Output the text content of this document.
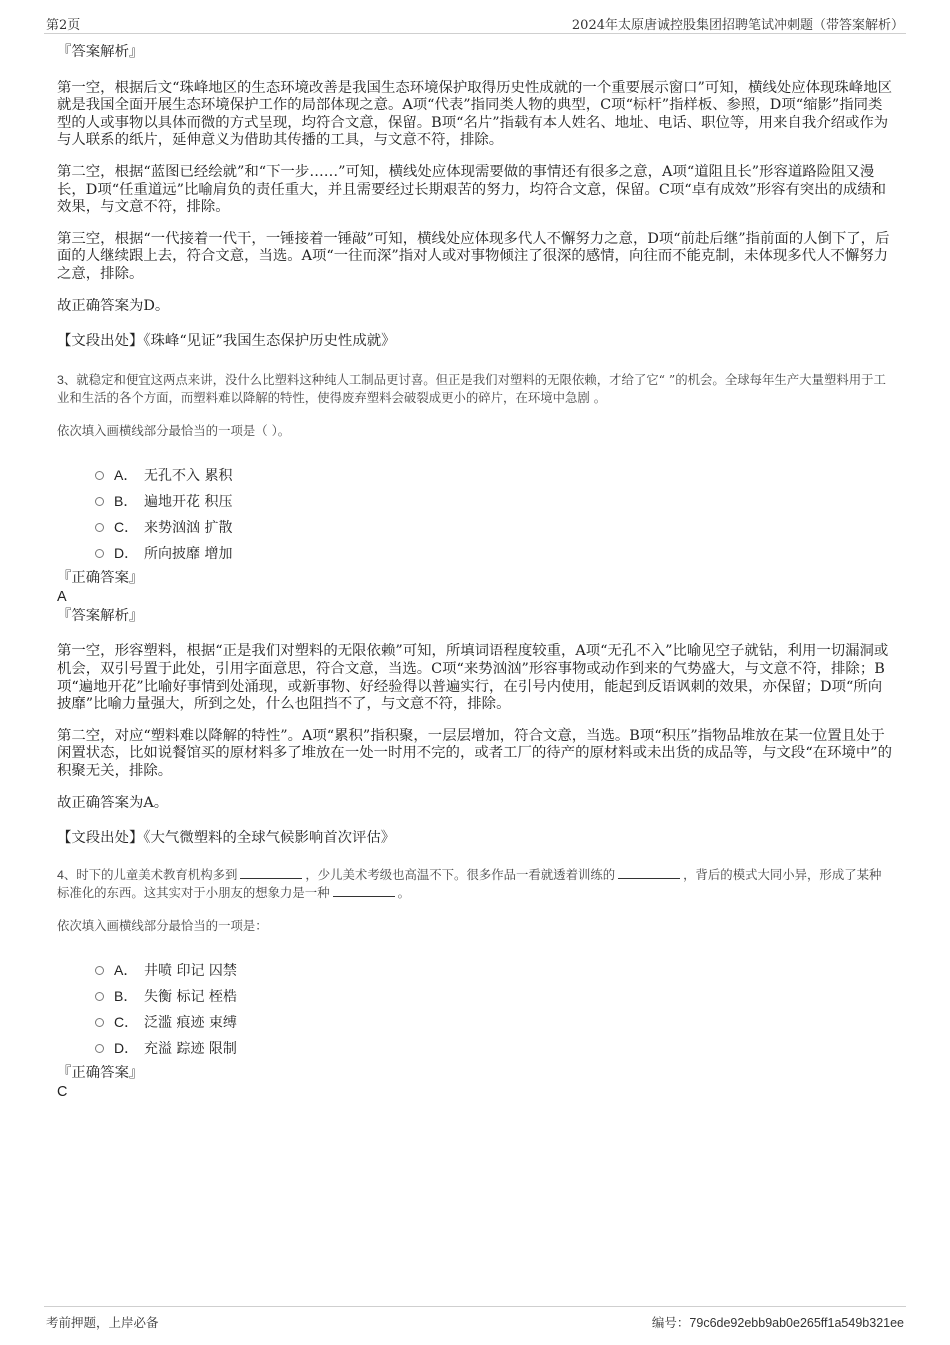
第2页	2024年太原唐诚控股集团招聘笔试冲刺题（带答案解析）

『答案解析』

第一空，根据后文“珠峰地区的生态环境改善是我国生态环境保护取得历史性成就的一个重要展示窗口”可知，横线处应体现珠峰地区就是我国全面开展生态环境保护工作的局部体现之意。A项“代表”指同类人物的典型，C项“标杆”指样板、参照，D项“缩影”指同类型的人或事物以具体而微的方式呈现，均符合文意，保留。B项“名片”指载有本人姓名、地址、电话、职位等，用来自我介绍或作为与人联系的纸片，延伸意义为借助其传播的工具，与文意不符，排除。

第二空，根据“蓝图已经绘就”和“下一步……”可知，横线处应体现需要做的事情还有很多之意，A项“道阻且长”形容道路险阻又漫长，D项“任重道远”比喻肩负的责任重大，并且需要经过长期艰苦的努力，均符合文意，保留。C项“卓有成效”形容有突出的成绩和效果，与文意不符，排除。

第三空，根据“一代接着一代干，一锤接着一锤敲”可知，横线处应体现多代人不懈努力之意，D项“前赴后继”指前面的人倒下了，后面的人继续跟上去，符合文意，当选。A项“一往而深”指对人或对事物倾注了很深的感情，向往而不能克制，未体现多代人不懈努力之意，排除。

故正确答案为D。

【文段出处】《珠峰“见证”我国生态保护历史性成就》

3、就稳定和便宜这两点来讲，没什么比塑料这种纯人工制品更讨喜。但正是我们对塑料的无限依赖，才给了它“ ”的机会。全球每年生产大量塑料用于工业和生活的各个方面，而塑料难以降解的特性，使得废弃塑料会破裂成更小的碎片，在环境中急剧 。

依次填入画横线部分最恰当的一项是（ ）。

A． 无孔不入 累积
B． 遍地开花 积压
C． 来势汹汹 扩散
D． 所向披靡 增加

『正确答案』

A

『答案解析』

第一空，形容塑料，根据“正是我们对塑料的无限依赖”可知，所填词语程度较重，A项“无孔不入”比喻见空子就钻，利用一切漏洞或机会，双引号置于此处，引用字面意思，符合文意，当选。C项“来势汹汹”形容事物或动作到来的气势盛大，与文意不符，排除；B项“遍地开花”比喻好事情到处涌现，或新事物、好经验得以普遍实行，在引号内使用，能起到反语讽刺的效果，亦保留；D项“所向披靡”比喻力量强大，所到之处，什么也阻挡不了，与文意不符，排除。

第二空，对应“塑料难以降解的特性”。A项“累积”指积聚，一层层增加，符合文意，当选。B项“积压”指物品堆放在某一位置且处于闲置状态，比如说餐馆买的原材料多了堆放在一处一时用不完的，或者工厂的待产的原材料或未出货的成品等，与文段“在环境中”的积聚无关，排除。

故正确答案为A。

【文段出处】《大气微塑料的全球气候影响首次评估》

4、时下的儿童美术教育机构多到	，少儿美术考级也高温不下。很多作品一看就透着训练的	，背后的模式大同小异，形成了某种标准化的东西。这其实对于小朋友的想象力是一种	。

依次填入画横线部分最恰当的一项是：

A． 井喷 印记 囚禁
B． 失衡 标记 桎梏
C． 泛滥 痕迹 束缚
D． 充溢 踪迹 限制

『正确答案』

C

考前押题，上岸必备	编号：79c6de92ebb9ab0e265ff1a549b321ee
